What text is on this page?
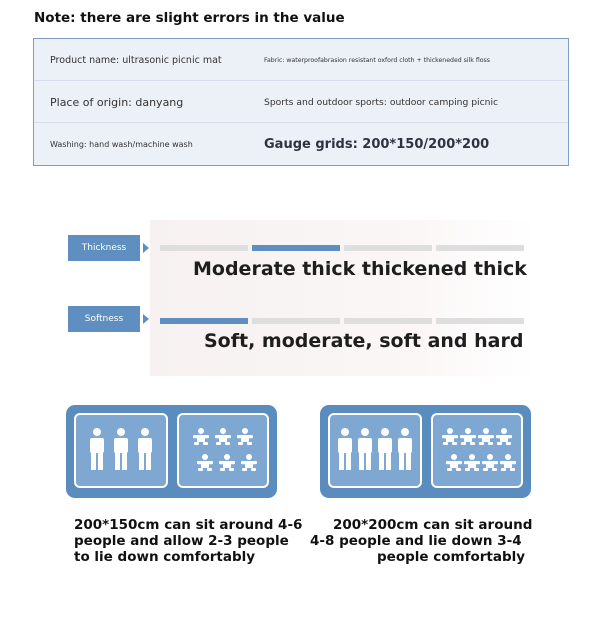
Note: there are slight errors in the value
Product name: ultrasonic picnic mat	Fabric: waterproofabrasion resistant oxford cloth + thickeneded silk floss
Place of origin: danyang	Sports and outdoor sports: outdoor camping picnic
Washing: hand wash/machine wash	Gauge grids: 200*150/200*200
Thickness
Moderate thick thickened thick
Softness
Soft, moderate, soft and hard
200*150cm can sit around 4-6
people and allow 2-3 people
to lie down comfortably
200*200cm can sit around
4-8 people and lie down 3-4
people comfortably
